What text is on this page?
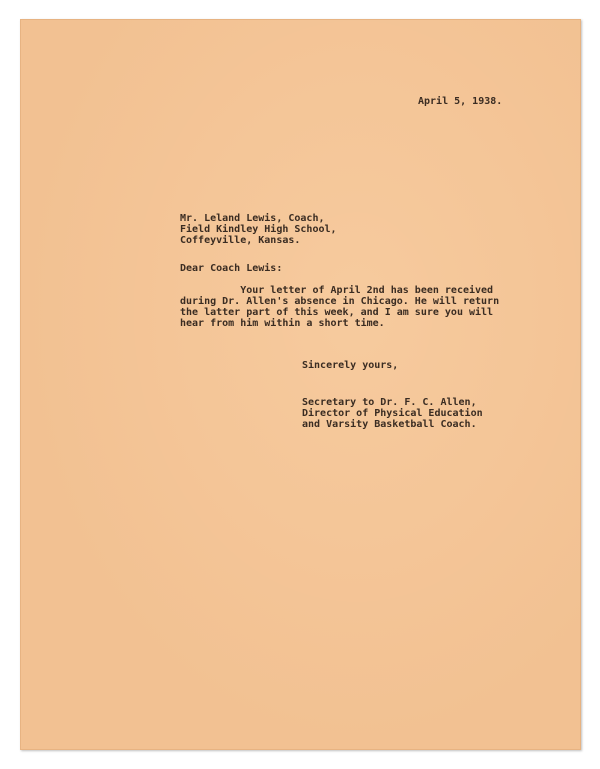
April 5, 1938.
Mr. Leland Lewis, Coach,
Field Kindley High School,
Coffeyville, Kansas.
Dear Coach Lewis:
Your letter of April 2nd has been received
during Dr. Allen's absence in Chicago. He will return
the latter part of this week, and I am sure you will
hear from him within a short time.
Sincerely yours,
Secretary to Dr. F. C. Allen,
Director of Physical Education
and Varsity Basketball Coach.
